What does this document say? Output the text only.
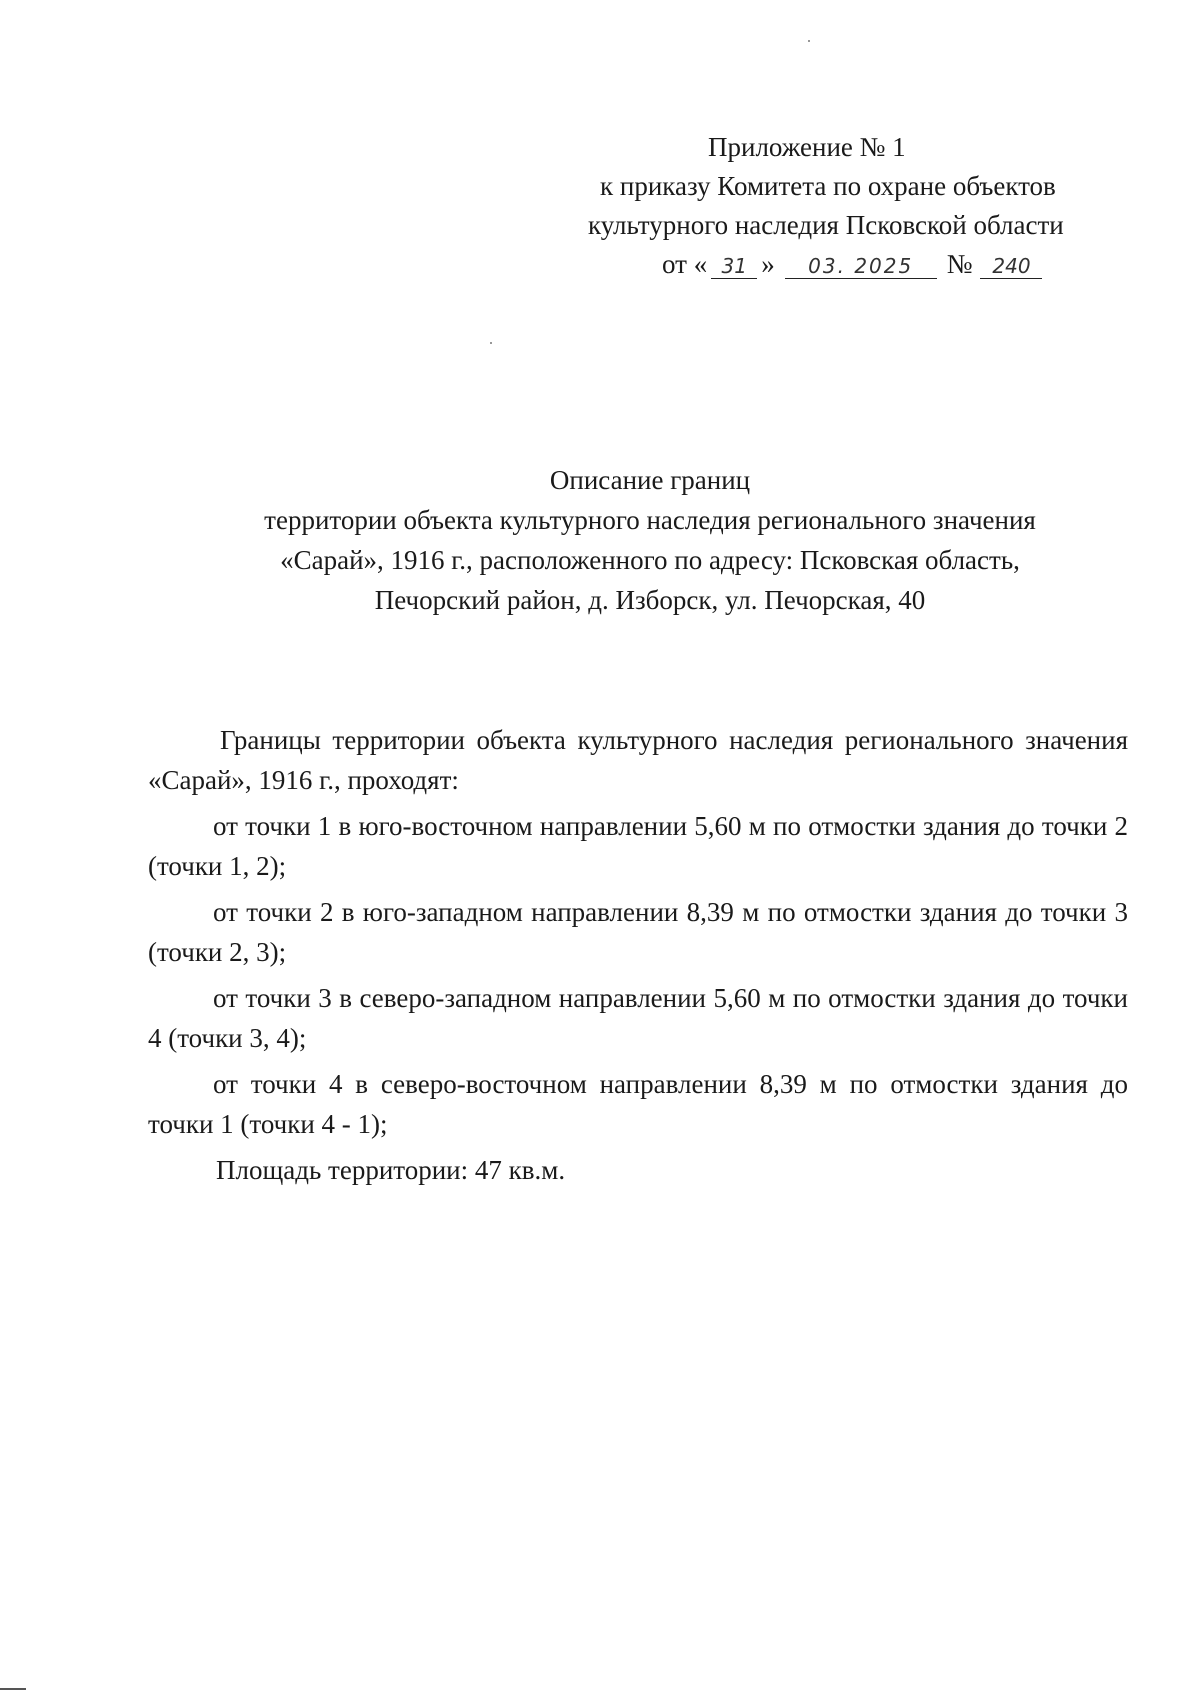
Приложение № 1
к приказу Комитета по охране объектов
культурного наследия Псковской области
от « 31 » 03. 2025 № 240
Описание границ
территории объекта культурного наследия регионального значения
«Сарай», 1916 г., расположенного по адресу: Псковская область,
Печорский район, д. Изборск, ул. Печорская, 40

Границы территории объекта культурного наследия регионального значения «Сарай», 1916 г., проходят:

от точки 1 в юго-восточном направлении 5,60 м по отмостки здания до точки 2 (точки 1, 2);

от точки 2 в юго-западном направлении 8,39 м по отмостки здания до точки 3 (точки 2, 3);

от точки 3 в северо-западном направлении 5,60 м по отмостки здания до точки 4 (точки 3, 4);

от точки 4 в северо-восточном направлении 8,39 м по отмостки здания до точки 1 (точки 4 - 1);

Площадь территории: 47 кв.м.
